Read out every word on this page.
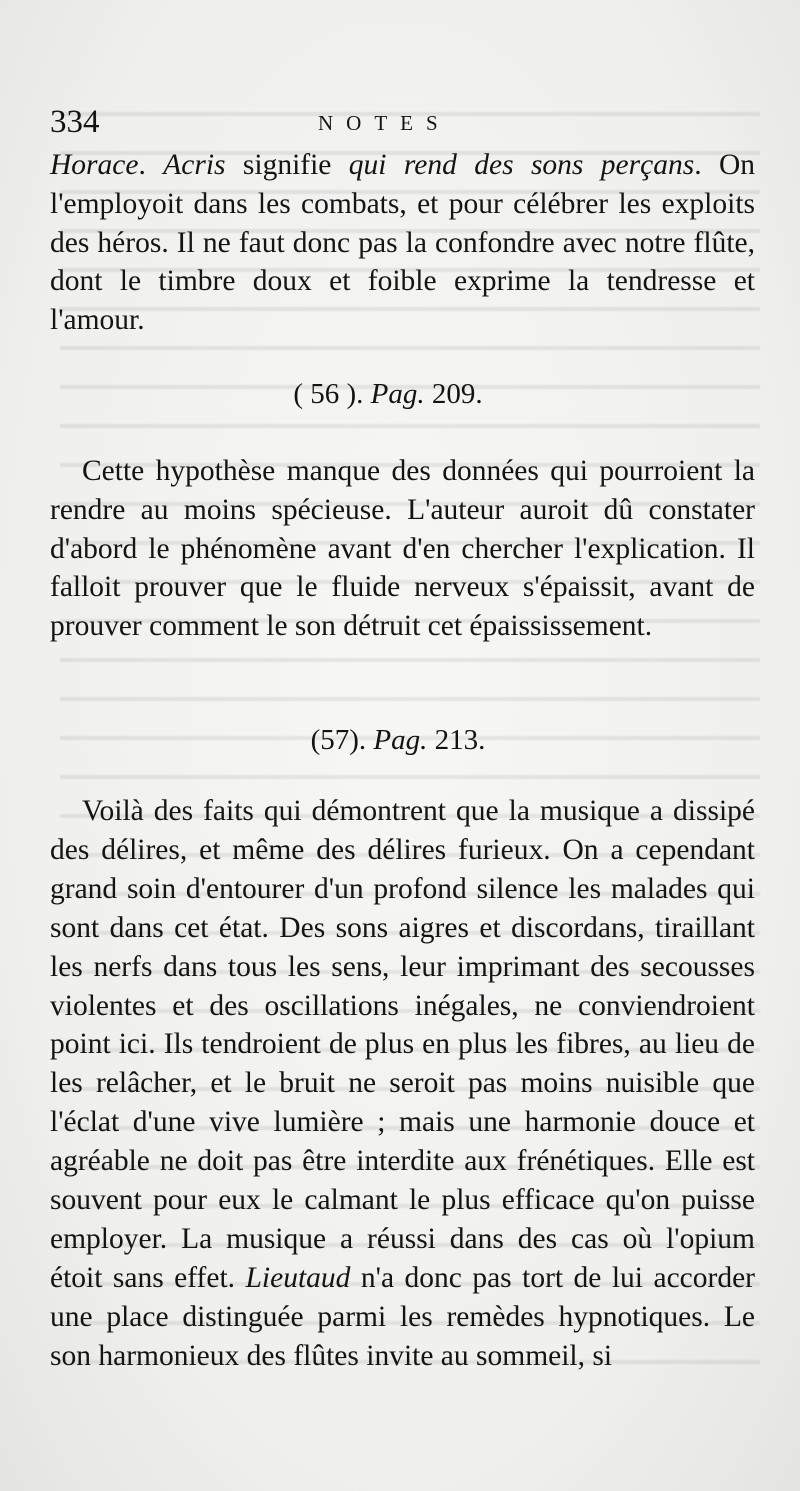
334	NOTES

Horace. Acris signifie qui rend des sons perçans. On l'employoit dans les combats, et pour célébrer les exploits des héros. Il ne faut donc pas la confondre avec notre flûte, dont le timbre doux et foible exprime la tendresse et l'amour.

( 56 ). Pag. 209.

Cette hypothèse manque des données qui pourroient la rendre au moins spécieuse. L'auteur auroit dû constater d'abord le phénomène avant d'en chercher l'explication. Il falloit prouver que le fluide nerveux s'épaissit, avant de prouver comment le son détruit cet épaississement.

(57). Pag. 213.

Voilà des faits qui démontrent que la musique a dissipé des délires, et même des délires furieux. On a cependant grand soin d'entourer d'un profond silence les malades qui sont dans cet état. Des sons aigres et discordans, tiraillant les nerfs dans tous les sens, leur imprimant des secousses violentes et des oscillations inégales, ne conviendroient point ici. Ils tendroient de plus en plus les fibres, au lieu de les relâcher, et le bruit ne seroit pas moins nuisible que l'éclat d'une vive lumière ; mais une harmonie douce et agréable ne doit pas être interdite aux frénétiques. Elle est souvent pour eux le calmant le plus efficace qu'on puisse employer. La musique a réussi dans des cas où l'opium étoit sans effet. Lieutaud n'a donc pas tort de lui accorder une place distinguée parmi les remèdes hypnotiques. Le son harmonieux des flûtes invite au sommeil, si
